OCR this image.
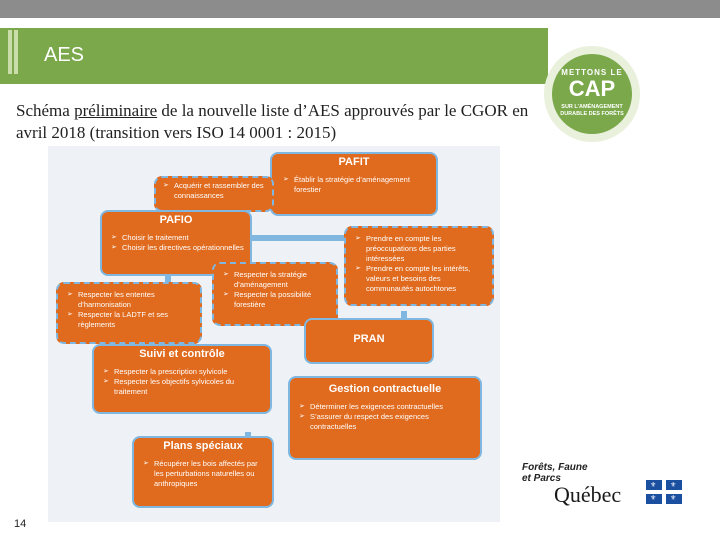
AES
Schéma préliminaire de la nouvelle liste d’AES approuvés par le CGOR en avril 2018 (transition vers ISO 14 0001 : 2015)
METTONS LE
CAP
SUR L’AMÉNAGEMENT DURABLE DES FORÊTS
PAFIT
➢ Établir la stratégie d’aménagement forestier
➢ Acquérir et rassembler des connaissances
PAFIO
➢ Choisir le traitement
➢ Choisir les directives opérationnelles
➢ Prendre en compte les préoccupations des parties intéressées
➢ Prendre en compte les intérêts, valeurs et besoins des communautés autochtones
➢ Respecter la stratégie d’aménagement
➢ Respecter la possibilité forestière
➢ Respecter les ententes d’harmonisation
➢ Respecter la LADTF et ses règlements
PRAN
Suivi et contrôle
➢ Respecter la prescription sylvicole
➢ Respecter les objectifs sylvicoles du traitement	Gestion contractuelle
➢ Déterminer les exigences contractuelles
➢ S’assurer du respect des exigences contractuelles
Plans spéciaux
➢ Récupérer les bois affectés par les perturbations naturelles ou anthropiques
14
Forêts, Faune
et Parcs
Québec	⚜ ⚜
⚜ ⚜
